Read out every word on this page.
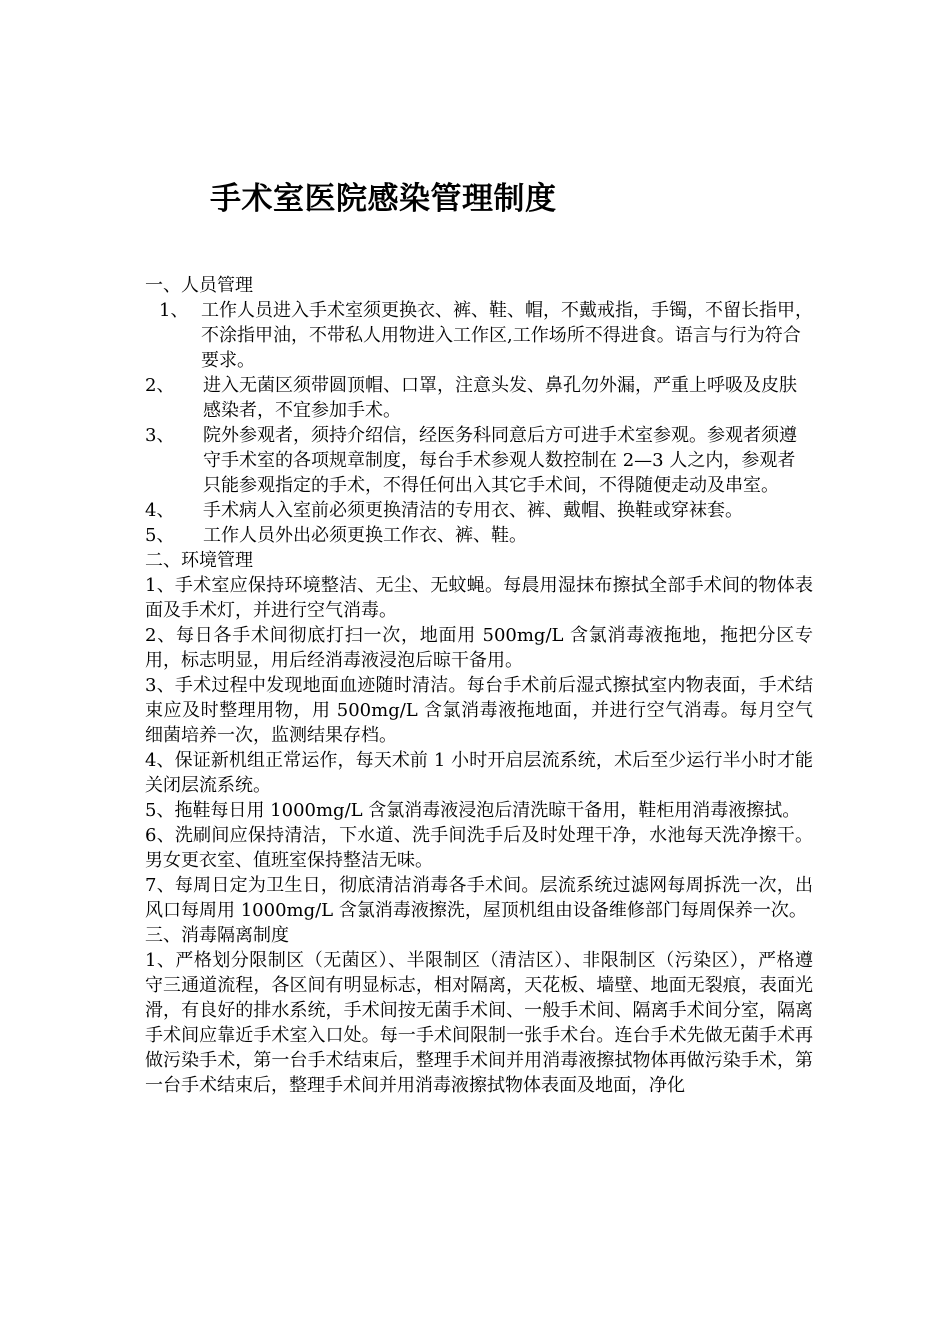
手术室医院感染管理制度

一、人员管理

1、 工作人员进入手术室须更换衣、裤、鞋、帽，不戴戒指，手镯，不留长指甲，不涂指甲油，不带私人用物进入工作区,工作场所不得进食。语言与行为符合要求。
2、 进入无菌区须带圆顶帽、口罩，注意头发、鼻孔勿外漏，严重上呼吸及皮肤感染者，不宜参加手术。
3、 院外参观者，须持介绍信，经医务科同意后方可进手术室参观。参观者须遵守手术室的各项规章制度，每台手术参观人数控制在 2—3 人之内，参观者只能参观指定的手术，不得任何出入其它手术间，不得随便走动及串室。
4、 手术病人入室前必须更换清洁的专用衣、裤、戴帽、换鞋或穿袜套。
5、 工作人员外出必须更换工作衣、裤、鞋。

二、环境管理

1、手术室应保持环境整洁、无尘、无蚊蝇。每晨用湿抹布擦拭全部手术间的物体表面及手术灯，并进行空气消毒。

2、每日各手术间彻底打扫一次，地面用 500mg/L 含氯消毒液拖地，拖把分区专用，标志明显，用后经消毒液浸泡后晾干备用。

3、手术过程中发现地面血迹随时清洁。每台手术前后湿式擦拭室内物表面，手术结束应及时整理用物，用 500mg/L 含氯消毒液拖地面，并进行空气消毒。每月空气细菌培养一次，监测结果存档。

4、保证新机组正常运作，每天术前 1 小时开启层流系统，术后至少运行半小时才能关闭层流系统。

5、拖鞋每日用 1000mg/L 含氯消毒液浸泡后清洗晾干备用，鞋柜用消毒液擦拭。

6、洗刷间应保持清洁，下水道、洗手间洗手后及时处理干净，水池每天洗净擦干。男女更衣室、值班室保持整洁无味。

7、每周日定为卫生日，彻底清洁消毒各手术间。层流系统过滤网每周拆洗一次，出风口每周用 1000mg/L 含氯消毒液擦洗，屋顶机组由设备维修部门每周保养一次。

三、消毒隔离制度

1、严格划分限制区（无菌区）、半限制区（清洁区）、非限制区（污染区），严格遵守三通道流程，各区间有明显标志，相对隔离，天花板、墙壁、地面无裂痕，表面光滑，有良好的排水系统，手术间按无菌手术间、一般手术间、隔离手术间分室，隔离手术间应靠近手术室入口处。每一手术间限制一张手术台。连台手术先做无菌手术再做污染手术，第一台手术结束后，整理手术间并用消毒液擦拭物体再做污染手术，第一台手术结束后，整理手术间并用消毒液擦拭物体表面及地面，净化
